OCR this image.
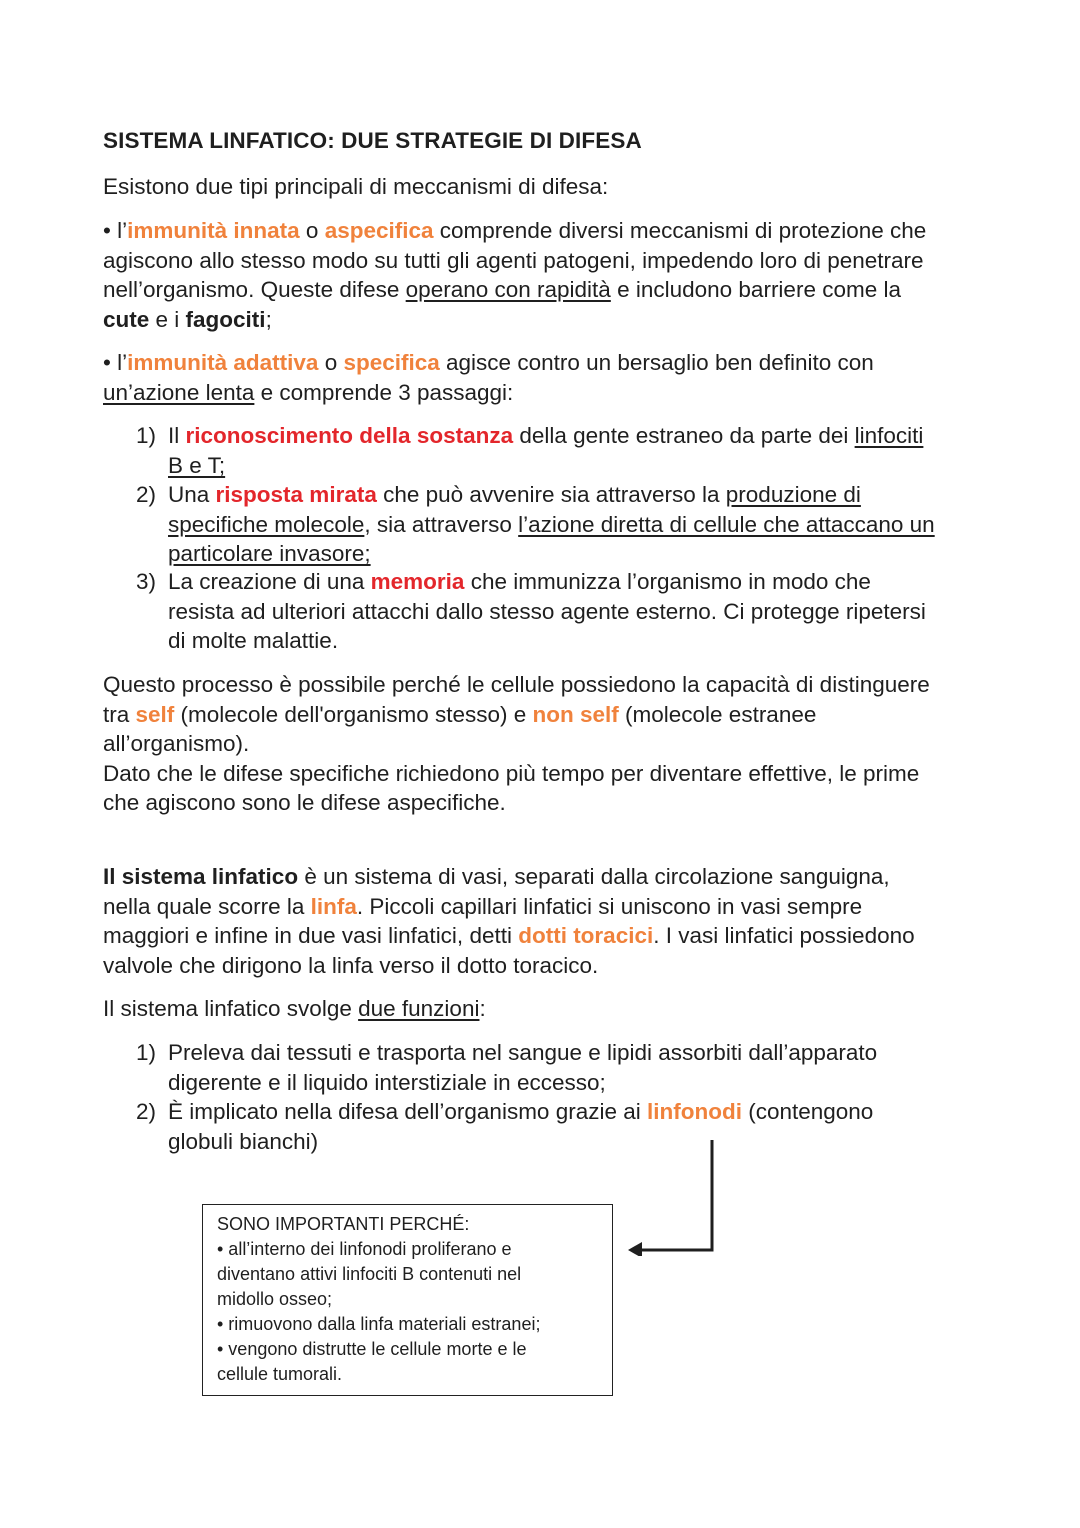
SISTEMA LINFATICO: DUE STRATEGIE DI DIFESA
Esistono due tipi principali di meccanismi di difesa:
• l’immunità innata o aspecifica comprende diversi meccanismi di protezione che
agiscono allo stesso modo su tutti gli agenti patogeni, impedendo loro di penetrare
nell’organismo. Queste difese operano con rapidità e includono barriere come la
cute e i fagociti;
• l’immunità adattiva o specifica agisce contro un bersaglio ben definito con
un’azione lenta e comprende 3 passaggi:
1) Il riconoscimento della sostanza della gente estraneo da parte dei linfociti
B e T;
2) Una risposta mirata che può avvenire sia attraverso la produzione di
specifiche molecole, sia attraverso l’azione diretta di cellule che attaccano un
particolare invasore;
3) La creazione di una memoria che immunizza l’organismo in modo che
resista ad ulteriori attacchi dallo stesso agente esterno. Ci protegge ripetersi
di molte malattie.
Questo processo è possibile perché le cellule possiedono la capacità di distinguere
tra self (molecole dell'organismo stesso) e non self (molecole estranee
all’organismo).
Dato che le difese specifiche richiedono più tempo per diventare effettive, le prime
che agiscono sono le difese aspecifiche.
Il sistema linfatico è un sistema di vasi, separati dalla circolazione sanguigna,
nella quale scorre la linfa. Piccoli capillari linfatici si uniscono in vasi sempre
maggiori e infine in due vasi linfatici, detti dotti toracici. I vasi linfatici possiedono
valvole che dirigono la linfa verso il dotto toracico.
Il sistema linfatico svolge due funzioni:
1) Preleva dai tessuti e trasporta nel sangue e lipidi assorbiti dall’apparato
digerente e il liquido interstiziale in eccesso;
2) È implicato nella difesa dell’organismo grazie ai linfonodi (contengono
globuli bianchi)
SONO IMPORTANTI PERCHÉ:
• all’interno dei linfonodi proliferano e
diventano attivi linfociti B contenuti nel
midollo osseo;
• rimuovono dalla linfa materiali estranei;
• vengono distrutte le cellule morte e le
cellule tumorali.
